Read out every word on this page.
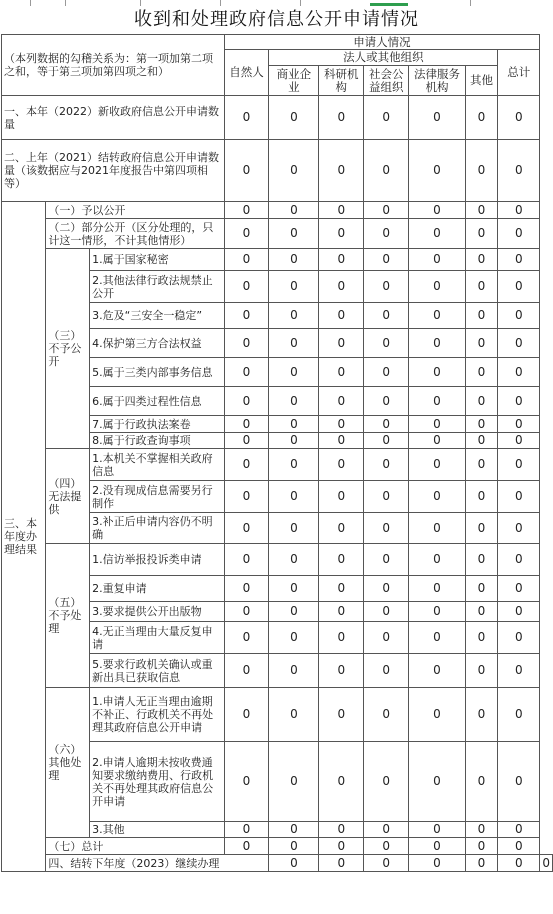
收到和处理政府信息公开申请情况
（本列数据的勾稽关系为：第一项加第二项之和，等于第三项加第四项之和）			申请人情况							
			自然人	法人或其他组织					总计	
				商业企业	科研机构	社会公益组织	法律服务机构	其他		
一、本年（2022）新收政府信息公开申请数量			0	0	0	0	0	0	0	
二、上年（2021）结转政府信息公开申请数量（该数据应与2021年度报告中第四项相等）			0	0	0	0	0	0	0	
三、本年度办理结果	（一）予以公开		0	0	0	0	0	0	0	
	（二）部分公开（区分处理的，只计这一情形，不计其他情形）		0	0	0	0	0	0	0	
	（三）不予公开	1.属于国家秘密	0	0	0	0	0	0	0	
		2.其他法律行政法规禁止公开	0	0	0	0	0	0	0	
		3.危及“三安全一稳定”	0	0	0	0	0	0	0	
		4.保护第三方合法权益	0	0	0	0	0	0	0	
		5.属于三类内部事务信息	0	0	0	0	0	0	0	
		6.属于四类过程性信息	0	0	0	0	0	0	0	
		7.属于行政执法案卷	0	0	0	0	0	0	0	
		8.属于行政查询事项	0	0	0	0	0	0	0	
	（四）无法提供	1.本机关不掌握相关政府信息	0	0	0	0	0	0	0	
		2.没有现成信息需要另行制作	0	0	0	0	0	0	0	
		3.补正后申请内容仍不明确	0	0	0	0	0	0	0	
	（五）不予处理	1.信访举报投诉类申请	0	0	0	0	0	0	0	
		2.重复申请	0	0	0	0	0	0	0	
		3.要求提供公开出版物	0	0	0	0	0	0	0	
		4.无正当理由大量反复申请	0	0	0	0	0	0	0	
		5.要求行政机关确认或重新出具已获取信息	0	0	0	0	0	0	0	
	（六）其他处理	1.申请人无正当理由逾期不补正、行政机关不再处理其政府信息公开申请	0	0	0	0	0	0	0	
		2.申请人逾期未按收费通知要求缴纳费用、行政机关不再处理其政府信息公开申请	0	0	0	0	0	0	0	
		3.其他	0	0	0	0	0	0	0	
	（七）总计		0	0	0	0	0	0	0	
	四、结转下年度（2023）继续办理			0	0	0	0	0	0	0
